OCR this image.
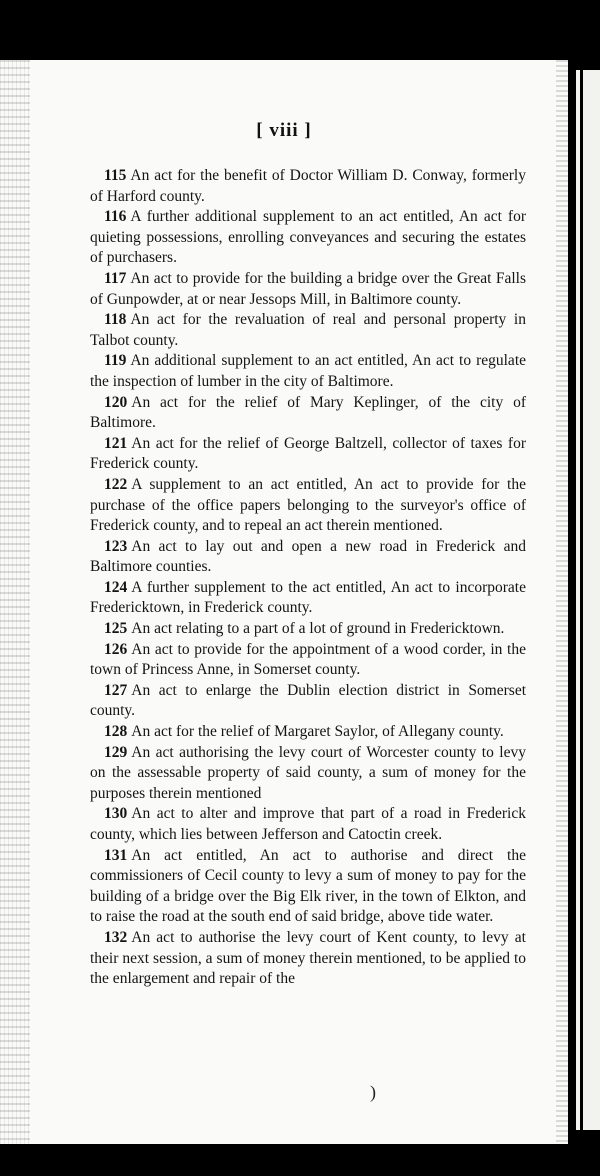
[ viii ]

115 An act for the benefit of Doctor William D. Conway, formerly of Harford county.

116 A further additional supplement to an act entitled, An act for quieting possessions, enrolling conveyances and securing the estates of purchasers.

117 An act to provide for the building a bridge over the Great Falls of Gunpowder, at or near Jessops Mill, in Baltimore county.

118 An act for the revaluation of real and personal property in Talbot county.

119 An additional supplement to an act entitled, An act to regulate the inspection of lumber in the city of Baltimore.

120 An act for the relief of Mary Keplinger, of the city of Baltimore.

121 An act for the relief of George Baltzell, collector of taxes for Frederick county.

122 A supplement to an act entitled, An act to provide for the purchase of the office papers belonging to the surveyor's office of Frederick county, and to repeal an act therein mentioned.

123 An act to lay out and open a new road in Frederick and Baltimore counties.

124 A further supplement to the act entitled, An act to incorporate Fredericktown, in Frederick county.

125 An act relating to a part of a lot of ground in Fredericktown.

126 An act to provide for the appointment of a wood corder, in the town of Princess Anne, in Somerset county.

127 An act to enlarge the Dublin election district in Somerset county.

128 An act for the relief of Margaret Saylor, of Allegany county.

129 An act authorising the levy court of Worcester county to levy on the assessable property of said county, a sum of money for the purposes therein mentioned

130 An act to alter and improve that part of a road in Frederick county, which lies between Jefferson and Catoctin creek.

131 An act entitled, An act to authorise and direct the commissioners of Cecil county to levy a sum of money to pay for the building of a bridge over the Big Elk river, in the town of Elkton, and to raise the road at the south end of said bridge, above tide water.

132 An act to authorise the levy court of Kent county, to levy at their next session, a sum of money therein mentioned, to be applied to the enlargement and repair of the

)
